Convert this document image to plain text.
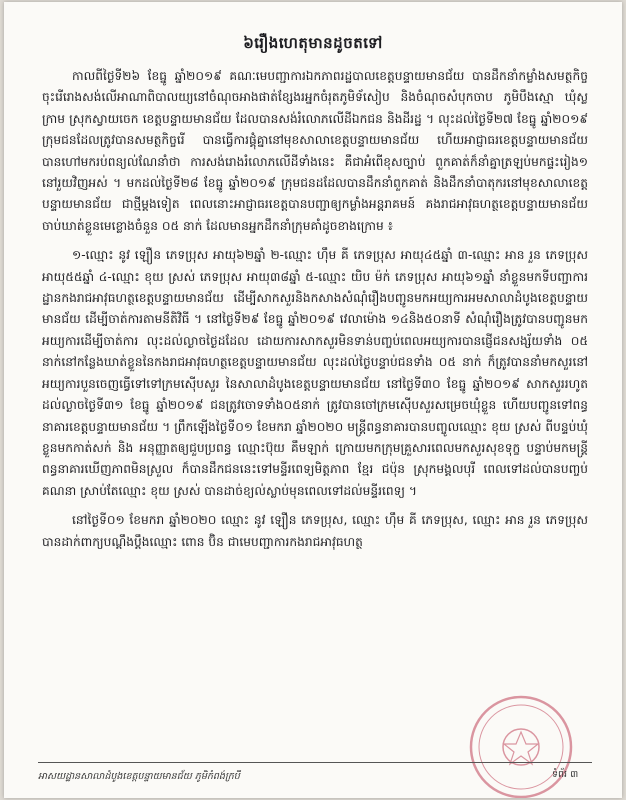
៦រឿងហេតុមានដូចតទៅ

កាលពីថ្ងៃទី២៦ ខែធ្នូ ឆ្នាំ២០១៩ គណៈមេបញ្ជាការឯកភាពរដ្ឋបាលខេត្តបន្ទាយមានជ័យ បានដឹកនាំកម្លាំងសមត្ថកិច្ចចុះរើរោងសង់លើអាណាពិបាលយ្យនៅចំណុចអាងផាត់ខ្សែងរអ្នកចំរុតភូមិទ័សៀប និងចំណុចសំបុកចាប ភូមិបឹងស្មោ ឃុំស្លក្រាម ស្រុកស្វាយចេក ខេត្តបន្ទាយមានជ័យ ដែលបានសង់រំលោភលើដីឯកជន និងដីរដ្ឋ ។ លុះដល់ថ្ងៃទី២៧ ខែធ្នូ ឆ្នាំ២០១៩ ក្រុមជនដែលត្រូវបានសមត្ថកិច្ចរើ បានធ្វើការផ្គុំគ្នានៅមុខសាលាខេត្តបន្ទាយមានជ័យ ហើយអាជ្ញាធរខេត្តបន្ទាយមានជ័យ បានហៅមករប់ពន្យល់ណែនាំថា ការសង់រោងរំលោភលើដីទាំងនេះ គឺជាអំពើខុសច្បាប់ ពួកគាត់ក៏នាំគ្នាត្រឡប់មកផ្ទះរៀង១ នៅរួយវិញអស់ ។ មកដល់ថ្ងៃទី២៨ ខែធ្នូ ឆ្នាំ២០១៩ ក្រុមជនដដែលបានដឹកនាំពួកគាត់ និងដឹកនាំបាតុករនៅមុខសាលាខេត្តបន្ទាយមានជ័យ ជាថ្មីម្តងទៀត ពេលនោះអាជ្ញាធរខេត្តបានបញ្ជាឲ្យកម្លាំងអន្តរាគមន៍ គងរាជអាវុធហត្ថខេត្តបន្ទាយមានជ័យ ចាប់ឃាត់ខ្លួនមេខ្លោងចំនួន ០៥ នាក់ ដែលមានអ្នកដឹកនាំក្រុមគាំដូចខាងក្រោម ៖

១-ឈ្មោះ នូវ ឡឿន ភេទប្រុស អាយុ៦២ឆ្នាំ ២-ឈ្មោះ ហ៊ឹម គី ភេទប្រុស អាយុ៤៥ឆ្នាំ ៣-ឈ្មោះ អាន រួន ភេទប្រុស អាយុ៥៥ឆ្នាំ ៤-ឈ្មោះ ខុយ ស្រស់ ភេទប្រុស អាយុ៣៨ឆ្នាំ ៥-ឈ្មោះ យិប ម៉ក់ ភេទប្រុស អាយុ៦១ឆ្នាំ នាំខ្លួនមកទីបញ្ជាការដ្ឋានកងរាជអាវុធហត្ថខេត្តបន្ទាយមានជ័យ ដើម្បីសាកសួរនិងកសាងសំណុំរឿងបញ្ជូនមកអយ្យការអមសាលាដំបូងខេត្តបន្ទាយមានជ័យ ដើម្បីចាត់ការតាមនីតិវិធី ។ នៅថ្ងៃទី២៩ ខែធ្នូ ឆ្នាំ២០១៩ វេលាម៉ោង ១៤និង៥០នាទី សំណុំរឿងត្រូវបានបញ្ជូនមកអយ្យការដើម្បីចាត់ការ លុះដល់ល្ងាចថ្ងៃដដែល ដោយការសាកសួរមិនទាន់បញ្ចប់ពេលអយ្យការបានផ្ញើជនសង្ស័យទាំង ០៥ នាក់នៅកន្លែងឃាត់ខ្លួននៃកងរាជអាវុធហត្ថខេត្តបន្ទាយមានជ័យ លុះដល់ថ្ងៃបន្ទាប់ជនទាំង ០៥ នាក់ ក៏ត្រូវបាននាំមកសួរនៅអយ្យការបួនចេញធ្វើទៅទៅក្រមស៊ើបសួរ នៃសាលាដំបូងខេត្តបន្ទាយមានជ័យ នៅថ្ងៃទី៣០ ខែធ្នូ ឆ្នាំ២០១៩ សាកសួររហូតដល់ល្ងាចថ្ងៃទី៣១ ខែធ្នូ ឆ្នាំ២០១៩ ជនត្រូវចោទទាំង០៥នាក់ ត្រូវបានចៅក្រមស៊ើបសួរសម្រេចឃុំខ្លួន ហើយបញ្ជូនទៅពន្ធនាគារខេត្តបន្ទាយមានជ័យ ។ ព្រឹកឡើងថ្ងៃទី០១ ខែមករា ឆ្នាំ២០២០ មន្ត្រីពន្ធនាគារបានបញ្ចូលឈ្មោះ ខុយ ស្រស់ ពីបន្ទប់ឃុំខ្លួនមកកាត់សក់ និង អនុញ្ញាតឲ្យជួបប្រពន្ធ ឈ្មោះប៊ុយ គឹមឡាក់ ក្រោយមកក្រុមគ្រួសារពេលមកសួរសុខទុក្ខ បន្ទាប់មកមន្ត្រីពន្ធនាគារឃើញភាពមិនស្រួល ក៏បានដឹកជននេះទៅមន្ទីរពេទ្យមិត្តភាព ខ្មែរ ជប៉ុន ស្រុកមង្គលបុរី ពេលទៅដល់បានបញ្ចប់គណនា ស្រាប់តែឈ្មោះ ខុយ ស្រស់ បានដាច់ខ្យល់ស្លាប់មុនពេលទៅដល់មន្ទីរពេទ្យ ។

នៅថ្ងៃទី០១ ខែមករា ឆ្នាំ២០២០ ឈ្មោះ នូវ ឡឿន ភេទប្រុស, ឈ្មោះ ហ៊ឹម គី ភេទប្រុស, ឈ្មោះ អាន រួន ភេទប្រុស បានដាក់ពាក្យបណ្ដឹងប្ដឹងឈ្មោះ ពោន ប៊ិន ជាមេបញ្ជាការកងរាជអាវុធហត្ថ

អាសយដ្ឋានសាលាដំបូងខេត្តបន្ទាយមានជ័យ ភូមិកំពង់ក្របី	ទំព័រ ៣
